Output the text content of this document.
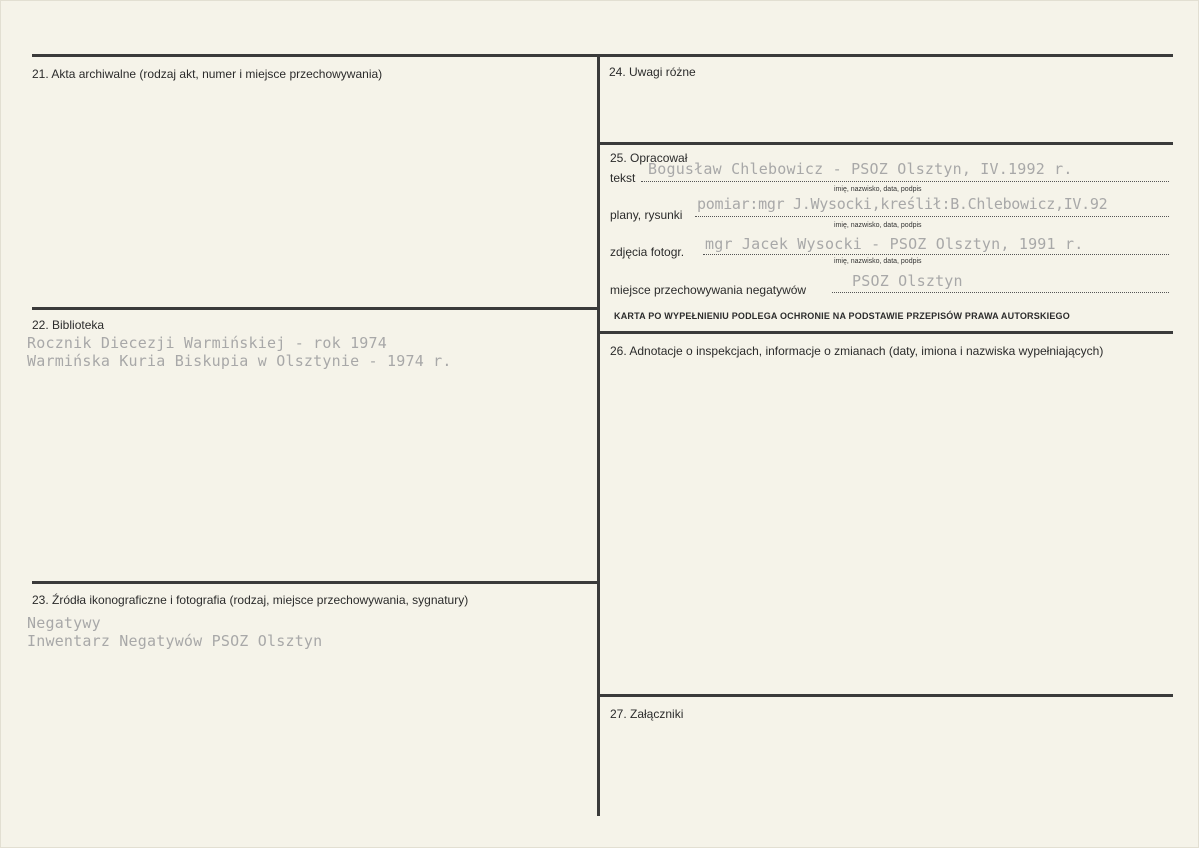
21. Akta archiwalne (rodzaj akt, numer i miejsce przechowywania)
22. Biblioteka
Rocznik Diecezji Warmińskiej - rok 1974
Warmińska Kuria Biskupia w Olsztynie - 1974 r.
23. Źródła ikonograficzne i fotografia (rodzaj, miejsce przechowywania, sygnatury)
Negatywy
Inwentarz Negatywów PSOZ Olsztyn
24. Uwagi różne
25. Opracował
tekst Bogusław Chlebowicz - PSOZ Olsztyn, IV.1992 r.
imię, nazwisko, data, podpis
plany, rysunki
pomiar:mgr J.Wysocki,kreślił:B.Chlebowicz,IV.92
imię, nazwisko, data, podpis
zdjęcia fotogr. mgr Jacek Wysocki - PSOZ Olsztyn, 1991 r.
imię, nazwisko, data, podpis
miejsce przechowywania negatywów	PSOZ Olsztyn
KARTA PO WYPEŁNIENIU PODLEGA OCHRONIE NA PODSTAWIE PRZEPISÓW PRAWA AUTORSKIEGO
26. Adnotacje o inspekcjach, informacje o zmianach (daty, imiona i nazwiska wypełniających)
27. Załączniki
